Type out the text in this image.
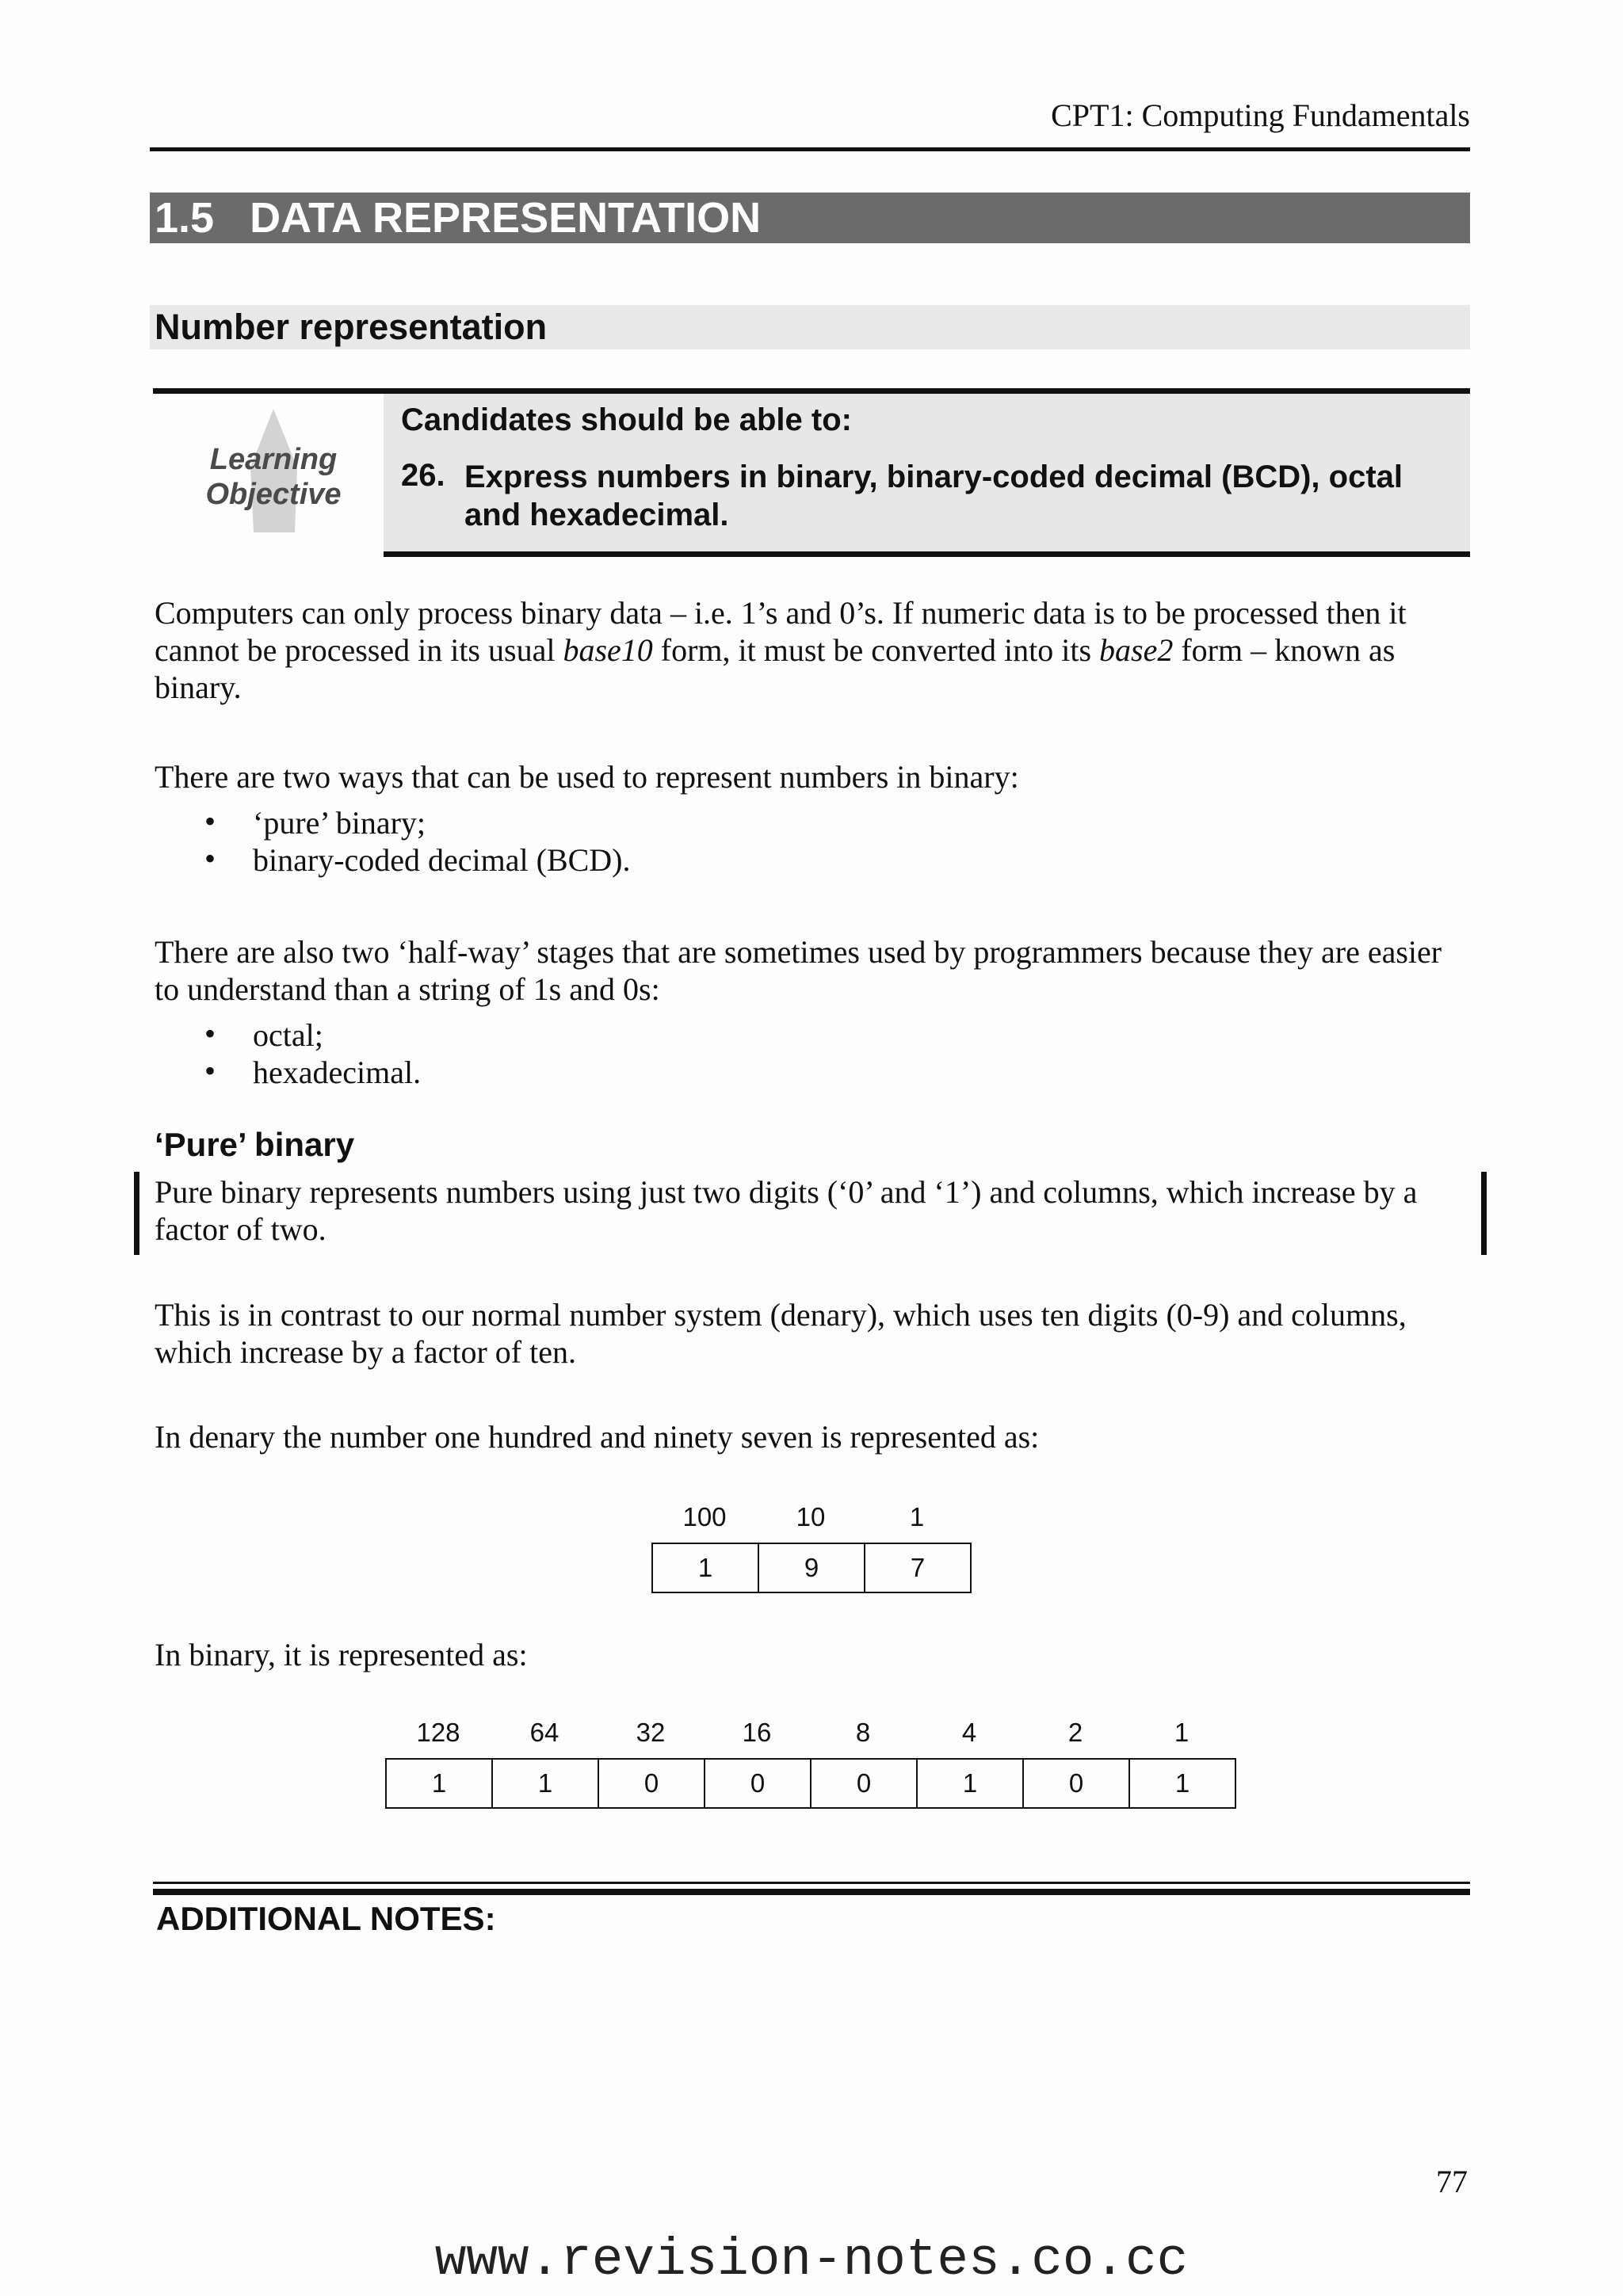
CPT1: Computing Fundamentals
1.5   DATA REPRESENTATION
Number representation
Learning
Objective
Candidates should be able to:
26. Express numbers in binary, binary-coded decimal (BCD), octal and hexadecimal.
Computers can only process binary data – i.e. 1’s and 0’s. If numeric data is to be processed then it cannot be processed in its usual base10 form, it must be converted into its base2 form – known as binary.
There are two ways that can be used to represent numbers in binary:
• ‘pure’ binary;
• binary-coded decimal (BCD).
There are also two ‘half-way’ stages that are sometimes used by programmers because they are easier to understand than a string of 1s and 0s:
• octal;
• hexadecimal.
‘Pure’ binary
Pure binary represents numbers using just two digits (‘0’ and ‘1’) and columns, which increase by a factor of two.
This is in contrast to our normal number system (denary), which uses ten digits (0-9) and columns, which increase by a factor of ten.
In denary the number one hundred and ninety seven is represented as:
100	10	1
1	9	7
In binary, it is represented as:
128	64	32	16	8	4	2	1
1	1	0	0	0	1	0	1
ADDITIONAL NOTES:
77
www.revision-notes.co.cc
